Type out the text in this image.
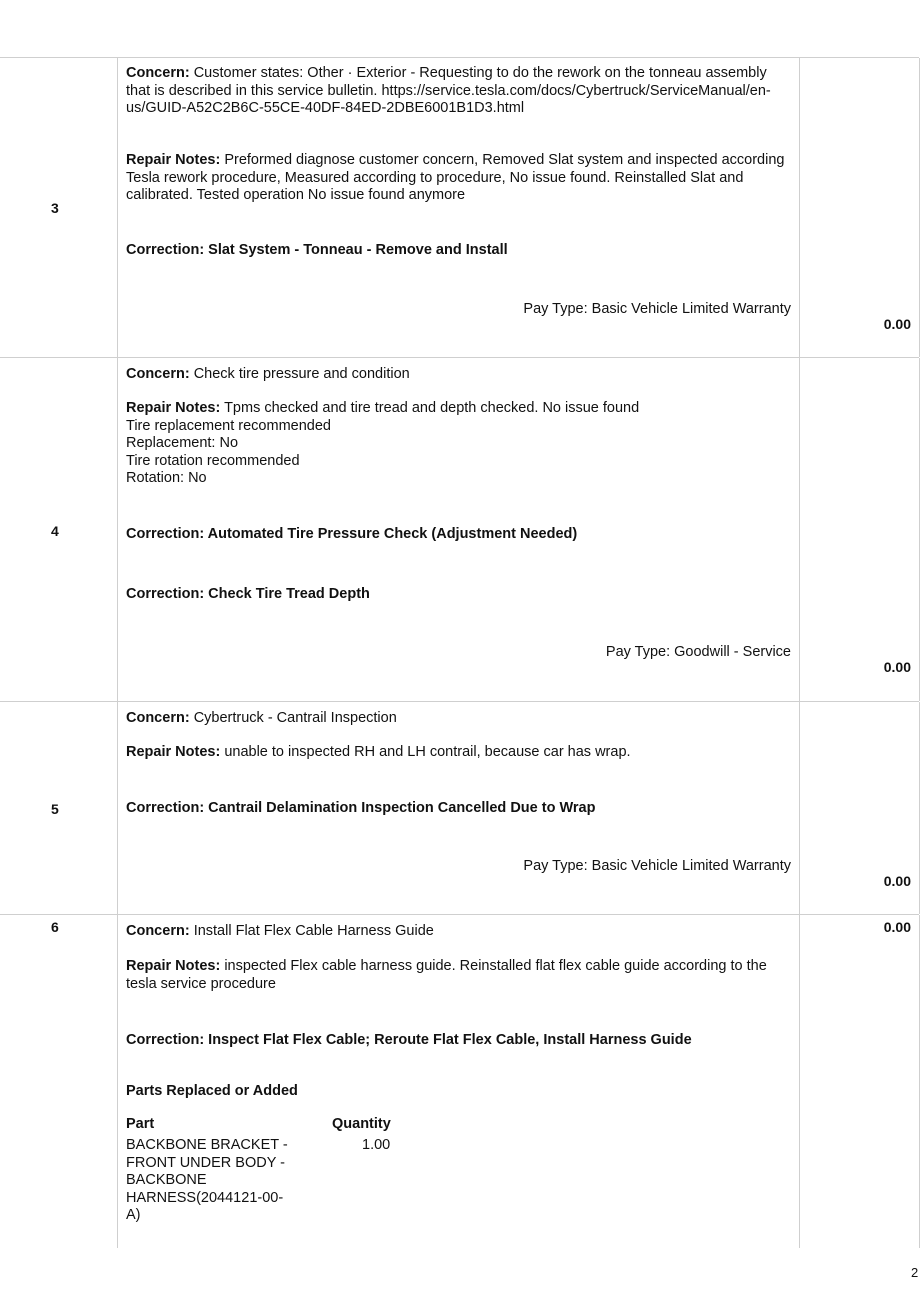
3
Concern: Customer states: Other · Exterior - Requesting to do the rework on the tonneau assembly that is described in this service bulletin. https://service.tesla.com/docs/Cybertruck/ServiceManual/en-us/GUID-A52C2B6C-55CE-40DF-84ED-2DBE6001B1D3.html
Repair Notes: Preformed diagnose customer concern, Removed Slat system and inspected according Tesla rework procedure, Measured according to procedure, No issue found. Reinstalled Slat and calibrated. Tested operation No issue found anymore
Correction: Slat System - Tonneau - Remove and Install
Pay Type: Basic Vehicle Limited Warranty
0.00
4
Concern: Check tire pressure and condition
Repair Notes: Tpms checked and tire tread and depth checked. No issue found
Tire replacement recommended
Replacement: No
Tire rotation recommended
Rotation: No
Correction: Automated Tire Pressure Check (Adjustment Needed)
Correction: Check Tire Tread Depth
Pay Type: Goodwill - Service
0.00
5
Concern: Cybertruck - Cantrail Inspection
Repair Notes: unable to inspected RH and LH contrail, because car has wrap.
Correction: Cantrail Delamination Inspection Cancelled Due to Wrap
Pay Type: Basic Vehicle Limited Warranty
0.00
6	Concern: Install Flat Flex Cable Harness Guide
Repair Notes: inspected Flex cable harness guide. Reinstalled flat flex cable guide according to the tesla service procedure
Correction: Inspect Flat Flex Cable; Reroute Flat Flex Cable, Install Harness Guide
Parts Replaced or Added
Part	Quantity
BACKBONE BRACKET -
FRONT UNDER BODY -
BACKBONE
HARNESS(2044121-00-
A)
1.00
0.00
2
